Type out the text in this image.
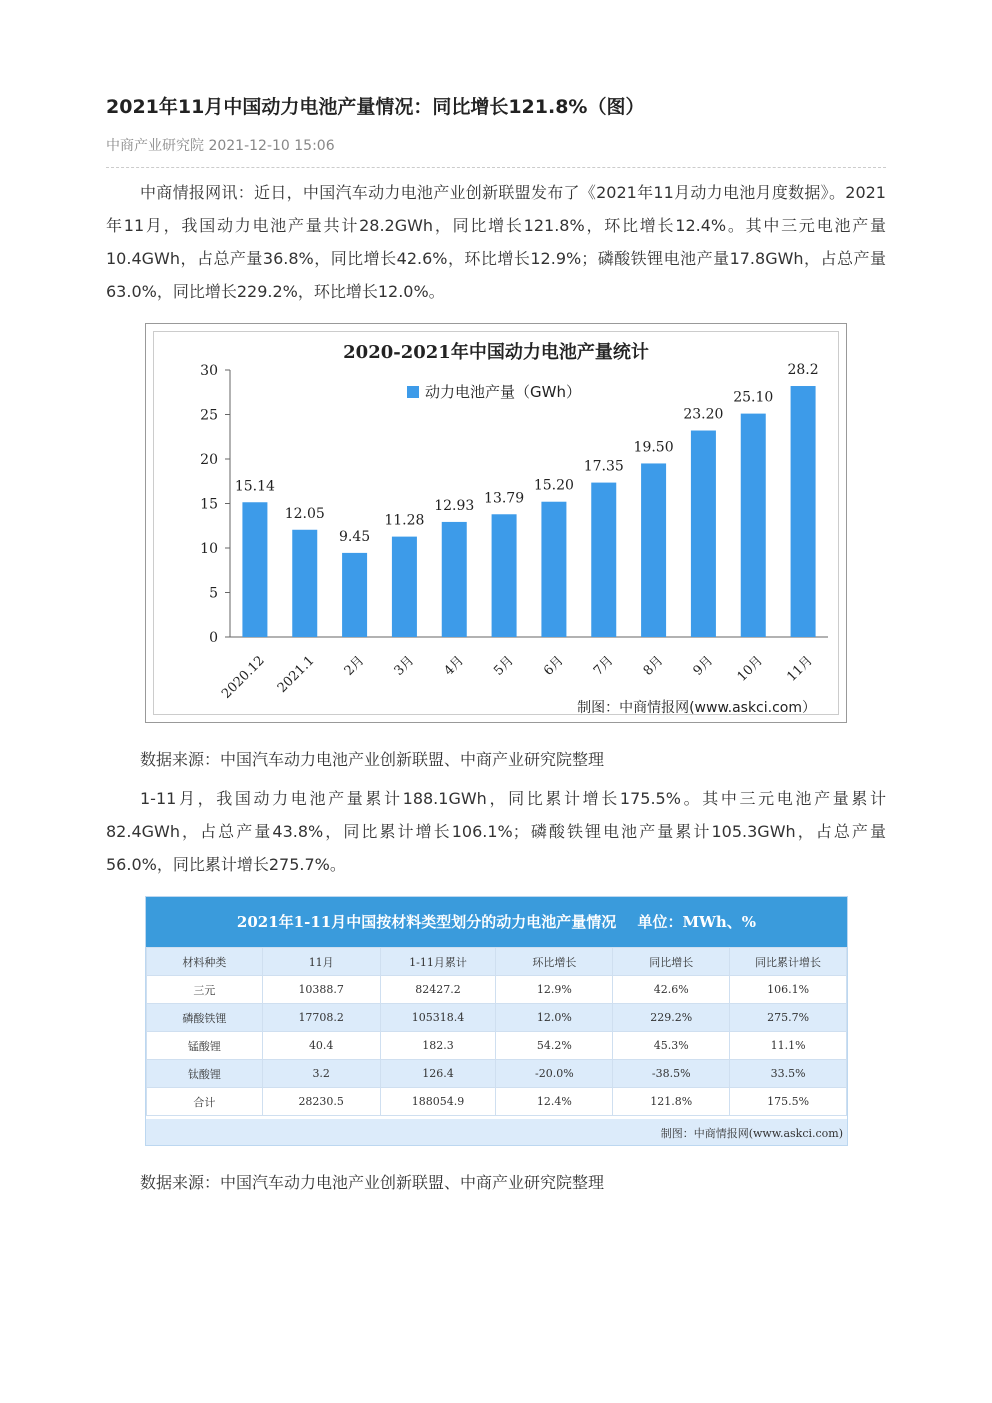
2021年11月中国动力电池产量情况：同比增长121.8%（图）
中商产业研究院 2021-12-10 15:06

中商情报网讯：近日，中国汽车动力电池产业创新联盟发布了《2021年11月动力电池月度数据》。2021年11月，我国动力电池产量共计28.2GWh，同比增长121.8%，环比增长12.4%。其中三元电池产量10.4GWh，占总产量36.8%，同比增长42.6%，环比增长12.9%；磷酸铁锂电池产量17.8GWh，占总产量63.0%，同比增长229.2%，环比增长12.0%。

2020-2021年中国动力电池产量统计
动力电池产量（GWh）
0
5
10
15
20
25
30
15.14
2020.12
12.05
2021.1
9.45
2月
11.28
3月
12.93
4月
13.79
5月
15.20
6月
17.35
7月
19.50
8月
23.20
9月
25.10
10月
28.2
11月
制图：中商情报网(www.askci.com）
数据来源：中国汽车动力电池产业创新联盟、中商产业研究院整理

1-11月，我国动力电池产量累计188.1GWh，同比累计增长175.5%。其中三元电池产量累计82.4GWh，占总产量43.8%，同比累计增长106.1%；磷酸铁锂电池产量累计105.3GWh，占总产量56.0%，同比累计增长275.7%。

2021年1-11月中国按材料类型划分的动力电池产量情况 单位：MWh、%
材料种类	11月	1-11月累计	环比增长	同比增长	同比累计增长
三元	10388.7	82427.2	12.9%	42.6%	106.1%
磷酸铁锂	17708.2	105318.4	12.0%	229.2%	275.7%
锰酸锂	40.4	182.3	54.2%	45.3%	11.1%
钛酸锂	3.2	126.4	-20.0%	-38.5%	33.5%
合计	28230.5	188054.9	12.4%	121.8%	175.5%
制图：中商情报网(www.askci.com)
数据来源：中国汽车动力电池产业创新联盟、中商产业研究院整理
